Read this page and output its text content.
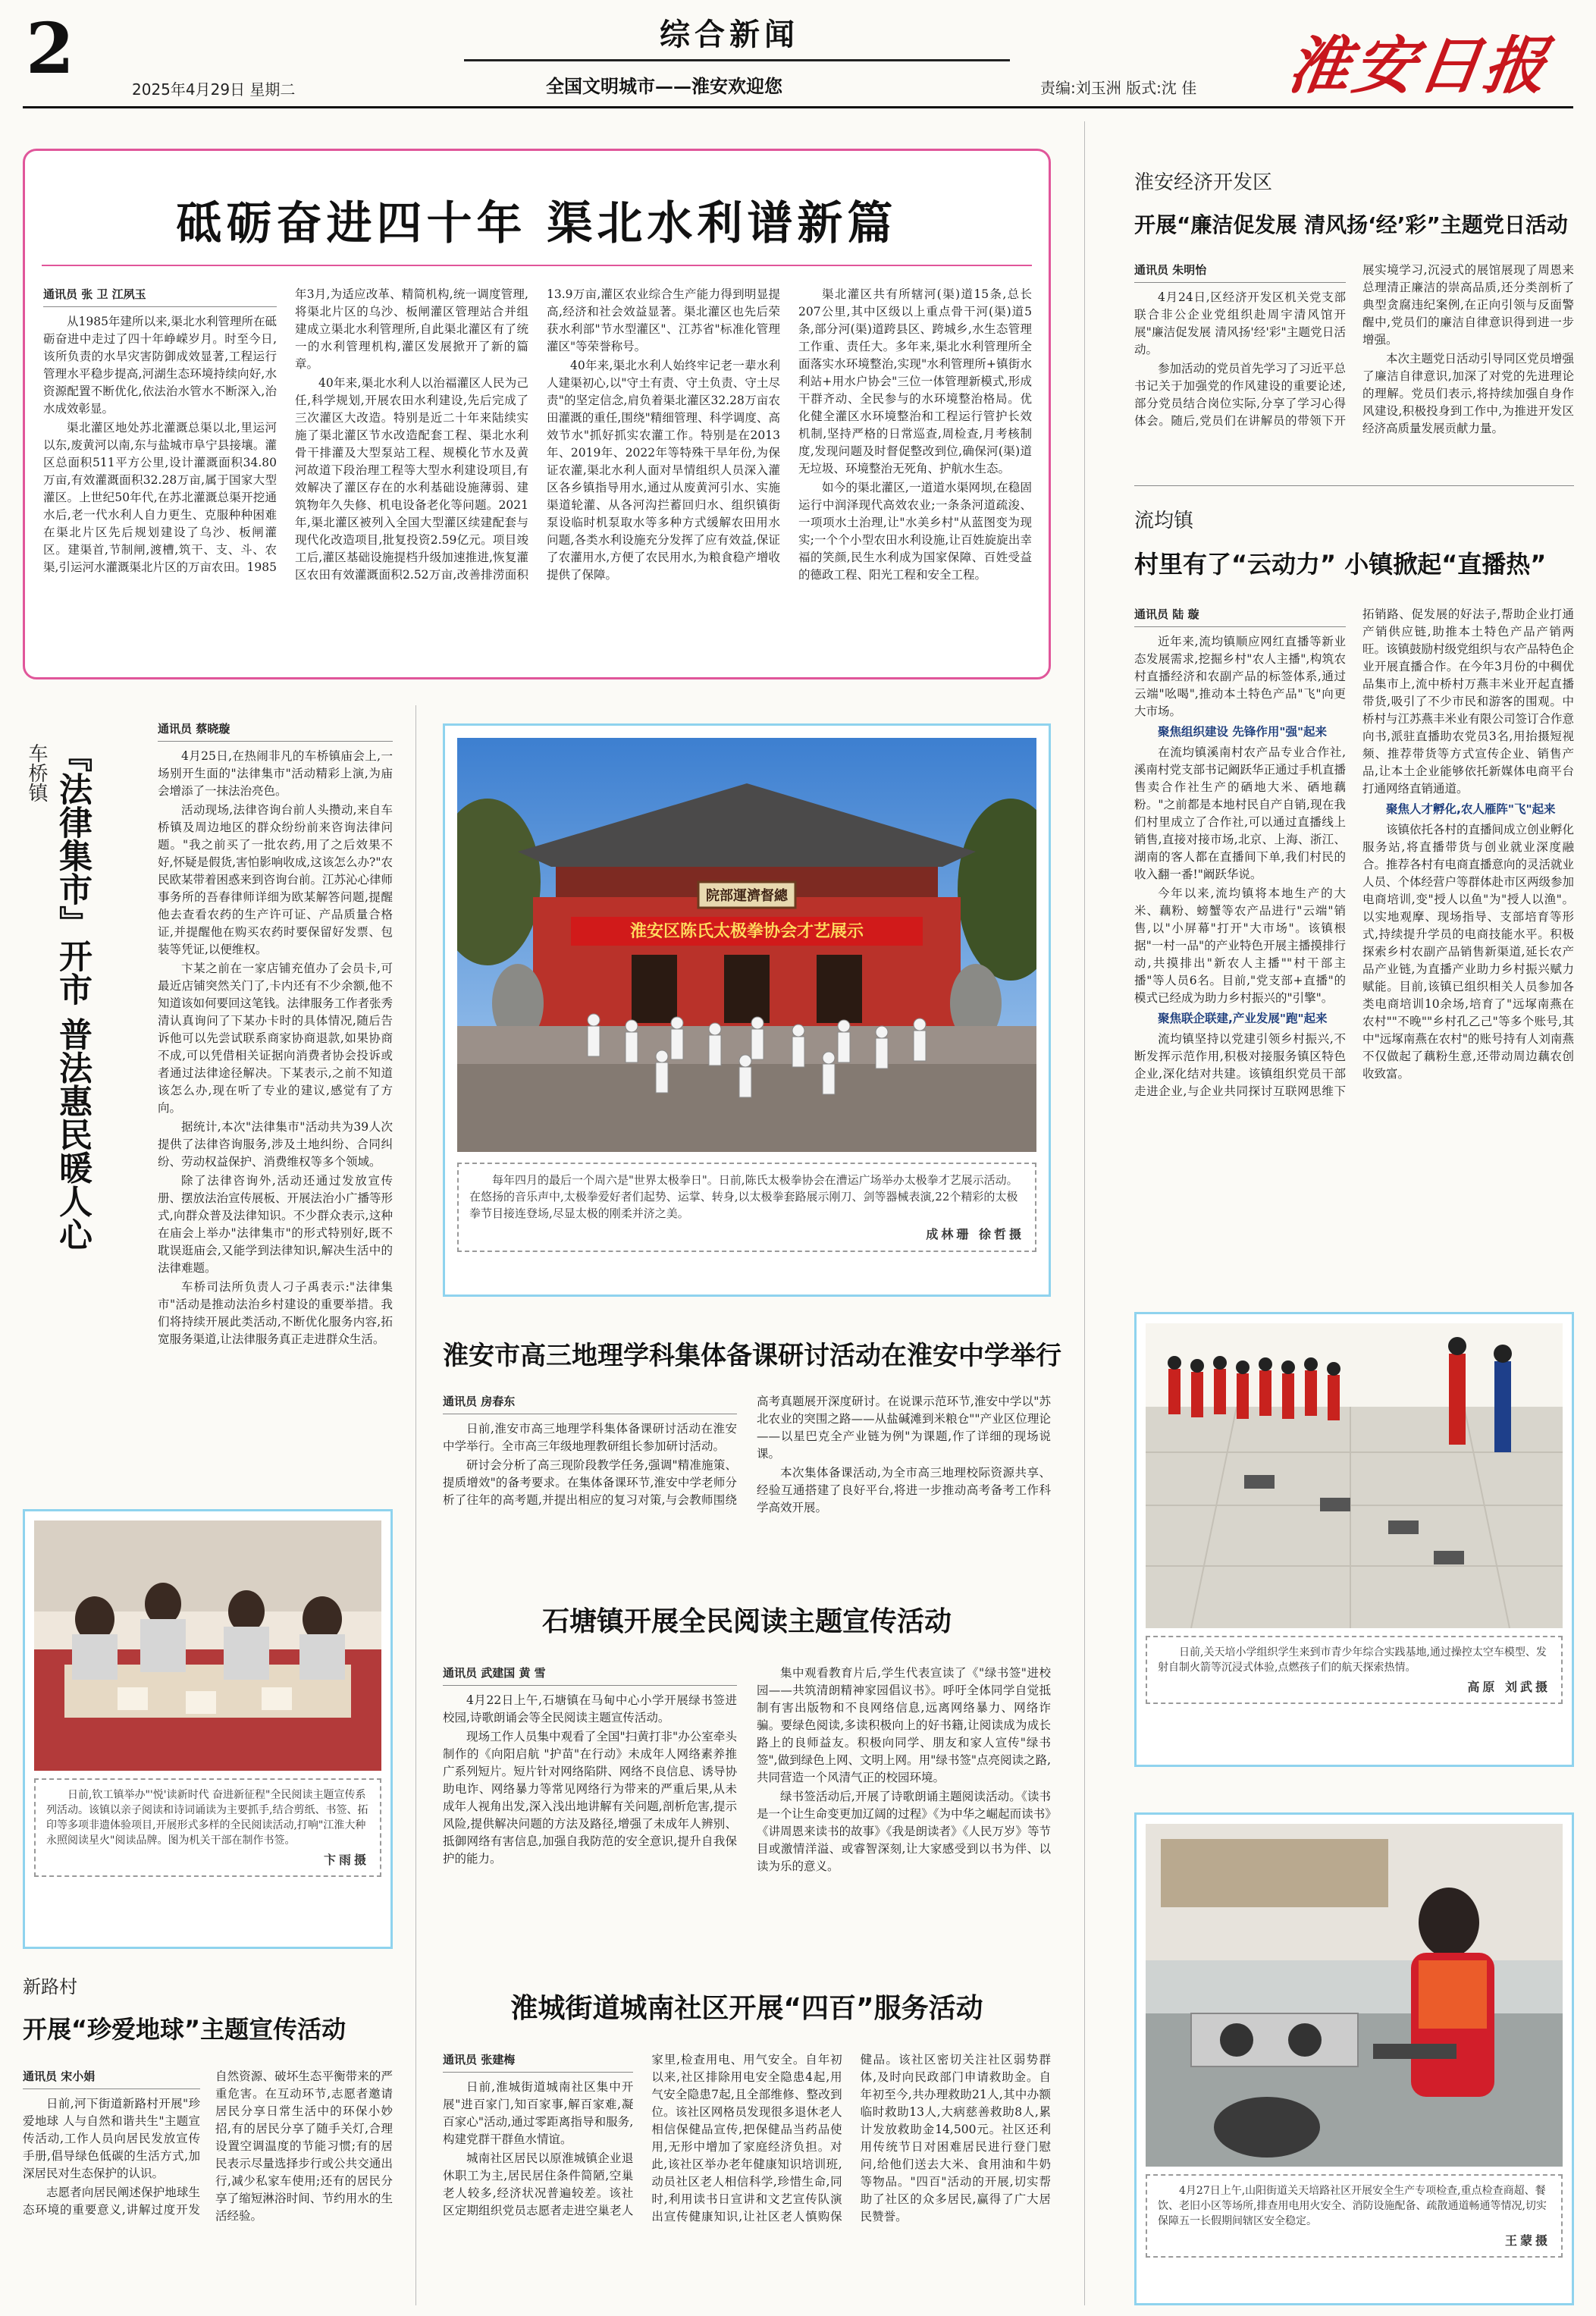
2	2025年4月29日 星期二
综合新闻
全国文明城市——淮安欢迎您	责编:刘玉洲 版式:沈 佳 淮安日报
砥砺奋进四十年 渠北水利谱新篇
通讯员 张 卫 江夙玉

从1985年建所以来,渠北水利管理所在砥砺奋进中走过了四十年峥嵘岁月。时至今日,该所负责的水旱灾害防御成效显著,工程运行管理水平稳步提高,河湖生态环境持续向好,水资源配置不断优化,依法治水管水不断深入,治水成效彰显。

渠北灌区地处苏北灌溉总渠以北,里运河以东,废黄河以南,东与盐城市阜宁县接壤。灌区总面积511平方公里,设计灌溉面积34.80万亩,有效灌溉面积32.28万亩,属于国家大型灌区。上世纪50年代,在苏北灌溉总渠开挖通水后,老一代水利人自力更生、克服种种困难在渠北片区先后规划建设了乌沙、板闸灌区。建渠首,节制闸,渡槽,筑干、支、斗、农渠,引运河水灌溉渠北片区的万亩农田。1985年3月,为适应改革、精简机构,统一调度管理,将渠北片区的乌沙、板闸灌区管理站合并组建成立渠北水利管理所,自此渠北灌区有了统一的水利管理机构,灌区发展掀开了新的篇章。

40年来,渠北水利人以治福灌区人民为己任,科学规划,开展农田水利建设,先后完成了三次灌区大改造。特别是近二十年来陆续实施了渠北灌区节水改造配套工程、渠北水利骨干排灌及大型泵站工程、规模化节水及黄河故道下段治理工程等大型水利建设项目,有效解决了灌区存在的水利基础设施薄弱、建筑物年久失修、机电设备老化等问题。2021年,渠北灌区被列入全国大型灌区续建配套与现代化改造项目,批复投资2.59亿元。项目竣工后,灌区基础设施提档升级加速推进,恢复灌区农田有效灌溉面积2.52万亩,改善排涝面积13.9万亩,灌区农业综合生产能力得到明显提高,经济和社会效益显著。渠北灌区也先后荣获水利部"节水型灌区"、江苏省"标准化管理灌区"等荣誉称号。

40年来,渠北水利人始终牢记老一辈水利人建渠初心,以"守土有责、守土负责、守土尽责"的坚定信念,肩负着渠北灌区32.28万亩农田灌溉的重任,围绕"精细管理、科学调度、高效节水"抓好抓实农灌工作。特别是在2013年、2019年、2022年等特殊干旱年份,为保证农灌,渠北水利人面对旱情组织人员深入灌区各乡镇指导用水,通过从废黄河引水、实施渠道轮灌、从各河沟拦蓄回归水、组织镇街泵设临时机泵取水等多种方式缓解农田用水问题,各类水利设施充分发挥了应有效益,保证了农灌用水,方便了农民用水,为粮食稳产增收提供了保障。

渠北灌区共有所辖河(渠)道15条,总长207公里,其中区级以上重点骨干河(渠)道5条,部分河(渠)道跨县区、跨城乡,水生态管理工作重、责任大。多年来,渠北水利管理所全面落实水环境整治,实现"水利管理所+镇街水利站+用水户协会"三位一体管理新模式,形成干群齐动、全民参与的水环境整治格局。优化健全灌区水环境整治和工程运行管护长效机制,坚持严格的日常巡查,周检查,月考核制度,发现问题及时督促整改到位,确保河(渠)道无垃圾、环境整治无死角、护航水生态。

如今的渠北灌区,一道道水渠网坝,在稳固运行中润泽现代高效农业;一条条河道疏浚、一项项水土治理,让"水美乡村"从蓝图变为现实;一个个小型农田水利设施,让百姓旋旋出幸福的笑颜,民生水利成为国家保障、百姓受益的德政工程、阳光工程和安全工程。

车桥镇 『法律集市』开市 普法惠民暖人心
通讯员 蔡晓璇

4月25日,在热闹非凡的车桥镇庙会上,一场别开生面的"法律集市"活动精彩上演,为庙会增添了一抹法治亮色。

活动现场,法律咨询台前人头攒动,来自车桥镇及周边地区的群众纷纷前来咨询法律问题。"我之前买了一批农药,用了之后效果不好,怀疑是假货,害怕影响收成,这该怎么办?"农民欧某带着困惑来到咨询台前。江苏沁心律师事务所的吾春律师详细为欧某解答问题,提醒他去查看农药的生产许可证、产品质量合格证,并提醒他在购买农药时要保留好发票、包装等凭证,以便维权。

卞某之前在一家店铺充值办了会员卡,可最近店铺突然关门了,卡内还有不少余额,他不知道该如何要回这笔钱。法律服务工作者张秀清认真询问了下某办卡时的具体情况,随后告诉他可以先尝试联系商家协商退款,如果协商不成,可以凭借相关证据向消费者协会投诉或者通过法律途径解决。下某表示,之前不知道该怎么办,现在听了专业的建议,感觉有了方向。

据统计,本次"法律集市"活动共为39人次提供了法律咨询服务,涉及土地纠纷、合同纠纷、劳动权益保护、消费维权等多个领域。

除了法律咨询外,活动还通过发放宣传册、摆放法治宣传展板、开展法治小广播等形式,向群众普及法律知识。不少群众表示,这种在庙会上举办"法律集市"的形式特别好,既不耽误逛庙会,又能学到法律知识,解决生活中的法律难题。

车桥司法所负责人刁子禹表示:"法律集市"活动是推动法治乡村建设的重要举措。我们将持续开展此类活动,不断优化服务内容,拓宽服务渠道,让法律服务真正走进群众生活。

院部運濟督總
淮安区陈氏太极拳协会才艺展示
每年四月的最后一个周六是"世界太极拳日"。日前,陈氏太极拳协会在漕运广场举办太极拳才艺展示活动。在悠扬的音乐声中,太极拳爱好者们起势、运掌、转身,以太极拳套路展示刚刀、剑等器械表演,22个精彩的太极拳节目接连登场,尽显太极的刚柔并济之美。
成林珊 徐哲摄
淮安市高三地理学科集体备课研讨活动在淮安中学举行
通讯员 房春东

日前,淮安市高三地理学科集体备课研讨活动在淮安中学举行。全市高三年级地理教研组长参加研讨活动。

研讨会分析了高三现阶段教学任务,强调"精准施策、提质增效"的备考要求。在集体备课环节,淮安中学老师分析了往年的高考题,并提出相应的复习对策,与会教师围绕高考真题展开深度研讨。在说课示范环节,淮安中学以"苏北农业的突围之路——从盐碱滩到米粮仓""产业区位理论——以星巴克全产业链为例"为课题,作了详细的现场说课。

本次集体备课活动,为全市高三地理校际资源共享、经验互通搭建了良好平台,将进一步推动高考备考工作科学高效开展。

石塘镇开展全民阅读主题宣传活动
通讯员 武建国 黄 雪

4月22日上午,石塘镇在马甸中心小学开展绿书签进校园,诗歌朗诵会等全民阅读主题宣传活动。

现场工作人员集中观看了全国"扫黄打非"办公室牵头制作的《向阳启航 "护苗"在行动》未成年人网络素养推广系列短片。短片针对网络陷阱、网络不良信息、诱导协助电诈、网络暴力等常见网络行为带来的严重后果,从未成年人视角出发,深入浅出地讲解有关问题,剖析危害,提示风险,提供解决问题的方法及路径,增强了未成年人辨别、抵御网络有害信息,加强自我防范的安全意识,提升自我保护的能力。

集中观看教育片后,学生代表宣读了《"绿书签"进校园——共筑清朗精神家园倡议书》。呼吁全体同学自觉抵制有害出版物和不良网络信息,远离网络暴力、网络诈骗。要绿色阅读,多读积极向上的好书籍,让阅读成为成长路上的良师益友。积极向同学、朋友和家人宣传"绿书签",做到绿色上网、文明上网。用"绿书签"点亮阅读之路,共同营造一个风清气正的校园环境。

绿书签活动后,开展了诗歌朗诵主题阅读活动。《读书是一个让生命变更加辽阔的过程》《为中华之崛起而读书》《讲周恩来读书的故事》《我是朗读者》《人民万岁》等节目或激情洋溢、或睿智深刻,让大家感受到以书为伴、以读为乐的意义。

日前,钦工镇举办"'悦'读新时代 奋进新征程"全民阅读主题宣传系列活动。该镇以亲子阅读和诗词诵读为主要抓手,结合剪纸、书签、拓印等多项非遗体验项目,开展形式多样的全民阅读活动,打响"江淮大种永照阅读星火"阅读品牌。图为机关干部在制作书签。
卞雨摄
新路村
开展“珍爱地球”主题宣传活动
通讯员 宋小娟

日前,河下街道新路村开展"珍爱地球 人与自然和谐共生"主题宣传活动,工作人员向居民发放宣传手册,倡导绿色低碳的生活方式,加深居民对生态保护的认识。

志愿者向居民阐述保护地球生态环境的重要意义,讲解过度开发自然资源、破坏生态平衡带来的严重危害。在互动环节,志愿者邀请居民分享日常生活中的环保小妙招,有的居民分享了随手关灯,合理设置空调温度的节能习惯;有的居民表示尽量选择步行或公共交通出行,减少私家车使用;还有的居民分享了缩短淋浴时间、节约用水的生活经验。

淮城街道城南社区开展“四百”服务活动
通讯员 张建梅

日前,淮城街道城南社区集中开展"进百家门,知百家事,解百家难,凝百家心"活动,通过零距离指导和服务,构建党群干群鱼水情谊。

城南社区居民以原淮城镇企业退休职工为主,居民居住条件简陋,空巢老人较多,经济状况普遍较差。该社区定期组织党员志愿者走进空巢老人家里,检查用电、用气安全。自年初以来,社区排除用电安全隐患4起,用气安全隐患7起,且全部维修、整改到位。该社区网格员发现很多退休老人相信保健品宣传,把保健品当药品使用,无形中增加了家庭经济负担。对此,该社区举办老年健康知识培训班,动员社区老人相信科学,珍惜生命,同时,利用读书日宣讲和文艺宣传队演出宣传健康知识,让社区老人慎购保健品。该社区密切关注社区弱势群体,及时向民政部门申请救助金。自年初至今,共办理救助21人,其中办额临时救助13人,大病慈善救助8人,累计发放救助金14,500元。社区还利用传统节日对困难居民进行登门慰问,给他们送去大米、食用油和牛奶等物品。"四百"活动的开展,切实帮助了社区的众多居民,赢得了广大居民赞誉。

淮安经济开发区
开展“廉洁促发展 清风扬‘经’彩”主题党日活动
通讯员 朱明怡

4月24日,区经济开发区机关党支部联合非公企业党组织赴周宇清风馆开展"廉洁促发展 清风扬'经'彩"主题党日活动。

参加活动的党员首先学习了习近平总书记关于加强党的作风建设的重要论述,部分党员结合岗位实际,分享了学习心得体会。随后,党员们在讲解员的带领下开展实境学习,沉浸式的展馆展现了周恩来总理清正廉洁的崇高品质,还分类剖析了典型贪腐违纪案例,在正向引领与反面警醒中,党员们的廉洁自律意识得到进一步增强。

本次主题党日活动引导同区党员增强了廉洁自律意识,加深了对党的先进理论的理解。党员们表示,将持续加强自身作风建设,积极投身到工作中,为推进开发区经济高质量发展贡献力量。

流均镇
村里有了“云动力” 小镇掀起“直播热”
通讯员 陆 璇

近年来,流均镇顺应网红直播等新业态发展需求,挖掘乡村"农人主播",构筑农村直播经济和农副产品的标签体系,通过云端"吆喝",推动本土特色产品"飞"向更大市场。

聚焦组织建设 先锋作用"强"起来

在流均镇溪南村农产品专业合作社,溪南村党支部书记阚跃华正通过手机直播售卖合作社生产的硒地大米、硒地藕粉。"之前都是本地村民自产自销,现在我们村里成立了合作社,可以通过直播线上销售,直接对接市场,北京、上海、浙江、湖南的客人都在直播间下单,我们村民的收入翻一番!"阚跃华说。

今年以来,流均镇将本地生产的大米、藕粉、螃蟹等农产品进行"云端"销售,以"小屏幕"打开"大市场"。该镇根据"一村一品"的产业特色开展主播摸排行动,共摸排出"新农人主播""村干部主播"等人员6名。目前,"党支部+直播"的模式已经成为助力乡村振兴的"引擎"。

聚焦联企联建,产业发展"跑"起来

流均镇坚持以党建引领乡村振兴,不断发挥示范作用,积极对接服务镇区特色企业,深化结对共建。该镇组织党员干部走进企业,与企业共同探讨互联网思维下拓销路、促发展的好法子,帮助企业打通产销供应链,助推本土特色产品产销两旺。该镇鼓励村级党组织与农产品特色企业开展直播合作。在今年3月份的中稠优品集市上,流中桥村万燕丰米业开起直播带货,吸引了不少市民和游客的围观。中桥村与江苏燕丰米业有限公司签订合作意向书,派驻直播助农党员3名,用抬摄短视频、推荐带货等方式宣传企业、销售产品,让本土企业能够依托新媒体电商平台打通网络直销通道。

聚焦人才孵化,农人雁阵"飞"起来

该镇依托各村的直播间成立创业孵化服务站,将直播带货与创业就业深度融合。推荐各村有电商直播意向的灵活就业人员、个体经营户等群体赴市区两级参加电商培训,变"授人以鱼"为"授人以渔"。以实地观摩、现场指导、支部培育等形式,持续提升学员的电商技能水平。积极探索乡村农副产品销售新渠道,延长农产品产业链,为直播产业助力乡村振兴赋力赋能。目前,该镇已组织相关人员参加各类电商培训10余场,培育了"远塚南燕在农村""不晚""乡村孔乙己"等多个账号,其中"远塚南燕在农村"的账号持有人刘南燕不仅做起了藕粉生意,还带动周边藕农创收致富。

日前,关天培小学组织学生来到市青少年综合实践基地,通过操控太空车模型、发射自制火箭等沉浸式体验,点燃孩子们的航天探索热情。
高原 刘武摄
4月27日上午,山阳街道关天培路社区开展安全生产专项检查,重点检查商超、餐饮、老旧小区等场所,排查用电用火安全、消防设施配备、疏散通道畅通等情况,切实保障五一长假期间辖区安全稳定。
王蒙摄
